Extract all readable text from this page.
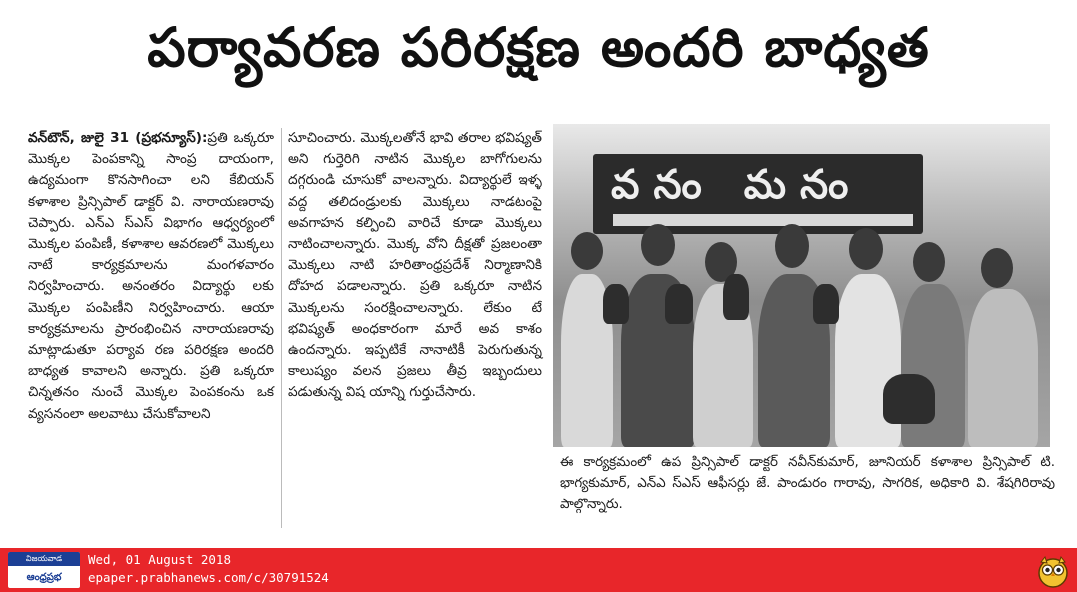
పర్యావరణ పరిరక్షణ అందరి బాధ్యత

వన్‌టౌన్, జులై 31 (ప్రభన్యూస్):ప్రతి ఒక్కరూ మొక్కల పెంపకాన్ని సాంప్ర దాయంగా, ఉద్యమంగా కొనసాగించా లని కేబియన్ కళాశాల ప్రిన్సిపాల్ డాక్టర్ వి. నారాయణరావు చెప్పారు. ఎన్ఎ స్ఎస్ విభాగం ఆధ్వర్యంలో మొక్కల పంపిణీ, కళాశాల ఆవరణలో మొక్కలు నాటే కార్యక్రమాలను మంగళవారం నిర్వహించారు. అనంతరం విద్యార్థు లకు మొక్కల పంపిణీని నిర్వహించారు. ఆయా కార్యక్రమాలను ప్రారంభించిన నారాయణరావు మాట్లాడుతూ పర్యావ రణ పరిరక్షణ అందరి బాధ్యత కావాలని అన్నారు. ప్రతి ఒక్కరూ చిన్నతనం నుంచే మొక్కల పెంపకంను ఒక వ్యసనంలా అలవాటు చేసుకోవాలని

సూచించారు. మొక్కలతోనే భావి తరాల భవిష్యత్ అని గుర్తెరిగి నాటిన మొక్కల బాగోగులను దగ్గరుండి చూసుకో వాలన్నారు. విద్యార్థులే ఇళ్ళ వద్ద తలిదండ్రులకు మొక్కలు నాడటంపై అవగాహన కల్పించి వారిచే కూడా మొక్కలు నాటించాలన్నారు. మొక్క వోని దీక్షతో ప్రజలంతా మొక్కలు నాటి హరితాంధ్రప్రదేశ్ నిర్మాణానికి దోహద పడాలన్నారు. ప్రతి ఒక్కరూ నాటిన మొక్కలను సంరక్షించాలన్నారు. లేకుం టే భవిష్యత్ అంధకారంగా మారే అవ కాశం ఉందన్నారు. ఇప్పటికే నానాటికీ పెరుగుతున్న కాలుష్యం వలన ప్రజలు తీవ్ర ఇబ్బందులు పడుతున్న విష యాన్ని గుర్తుచేసారు.

వనం మనం

ఈ కార్యక్రమంలో ఉప ప్రిన్సిపాల్ డాక్టర్ నవీన్‌కుమార్, జూనియర్ కళాశాల ప్రిన్సిపాల్ టి. భాగ్యకుమార్, ఎన్ఎ స్ఎస్ ఆఫీసర్లు జే. పాండురం గారావు, సాగరిక, అధికారి వి. శేషగిరిరావు పాల్గొన్నారు.

విజయవాడ
ఆంధ్రప్రభ
Wed, 01 August 2018
epaper.prabhanews.com/c/30791524
